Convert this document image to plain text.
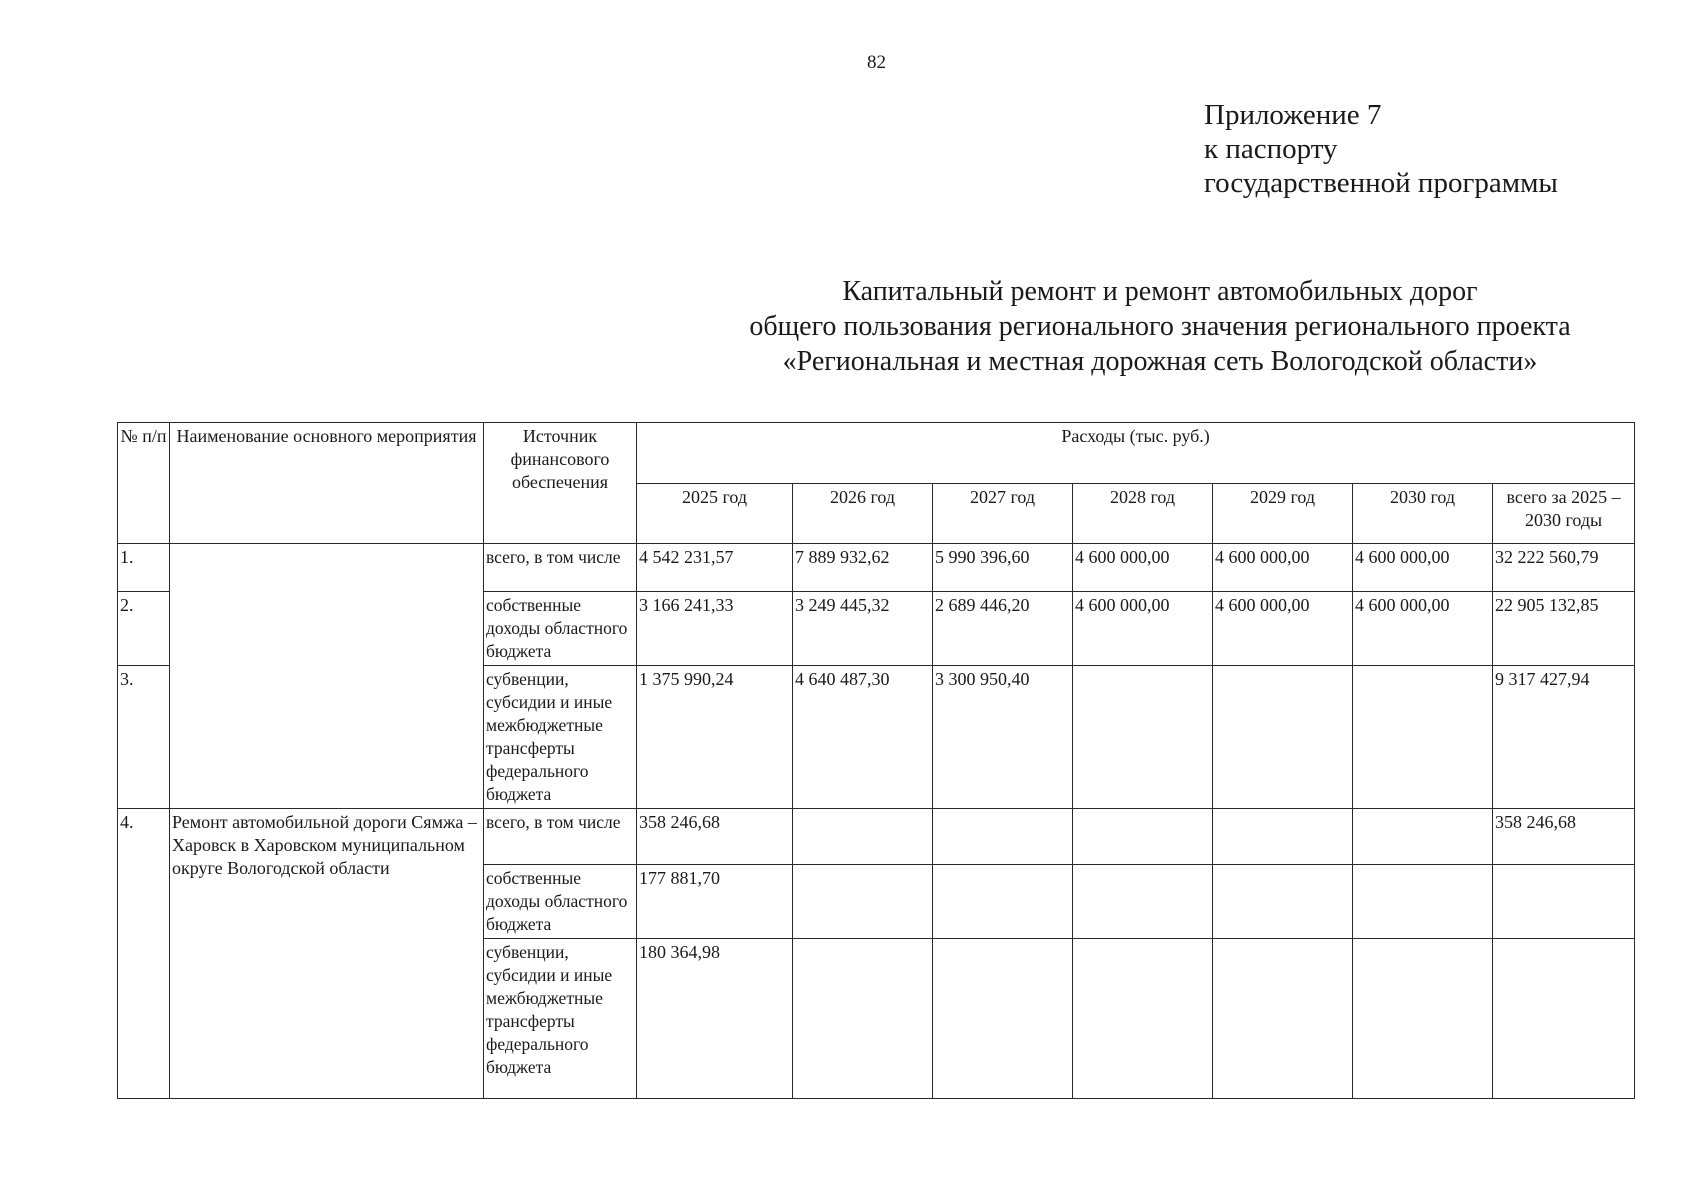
82
Приложение 7
к паспорту
государственной программы
Капитальный ремонт и ремонт автомобильных дорог
общего пользования регионального значения регионального проекта
«Региональная и местная дорожная сеть Вологодской области»
№ п/п	Наименование основного мероприятия	Источник финансового обеспечения	Расходы (тыс. руб.)						
			2025 год	2026 год	2027 год	2028 год	2029 год	2030 год	всего за 2025 – 2030 годы
1.		всего, в том числе	4 542 231,57	7 889 932,62	5 990 396,60	4 600 000,00	4 600 000,00	4 600 000,00	32 222 560,79
2.		собственные доходы областного бюджета	3 166 241,33	3 249 445,32	2 689 446,20	4 600 000,00	4 600 000,00	4 600 000,00	22 905 132,85
3.		субвенции, субсидии и иные межбюджетные трансферты федерального бюджета	1 375 990,24	4 640 487,30	3 300 950,40				9 317 427,94
4.	Ремонт автомобильной дороги Сямжа – Харовск в Харовском муниципальном округе Вологодской области	всего, в том числе	358 246,68						358 246,68
		собственные доходы областного бюджета	177 881,70						
		субвенции, субсидии и иные межбюджетные трансферты федерального бюджета	180 364,98						
